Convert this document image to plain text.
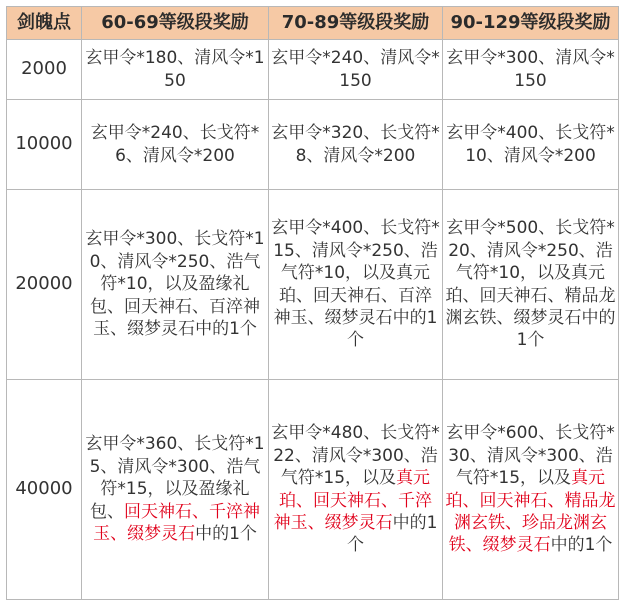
剑魄点	60-69等级段奖励	70-89等级段奖励	90-129等级段奖励
2000	玄甲令*180、清风令*150	玄甲令*240、清风令*150	玄甲令*300、清风令*150
10000	玄甲令*240、长戈符*6、清风令*200	玄甲令*320、长戈符*8、清风令*200	玄甲令*400、长戈符*10、清风令*200
20000	玄甲令*300、长戈符*10、清风令*250、浩气符*10，以及盈缘礼包、回天神石、百淬神玉、缀梦灵石中的1个	玄甲令*400、长戈符*15、清风令*250、浩气符*10，以及真元珀、回天神石、百淬神玉、缀梦灵石中的1个	玄甲令*500、长戈符*20、清风令*250、浩气符*10，以及真元珀、回天神石、精品龙渊玄铁、缀梦灵石中的1个
40000	玄甲令*360、长戈符*15、清风令*300、浩气符*15，以及盈缘礼包、回天神石、千淬神玉、缀梦灵石中的1个	玄甲令*480、长戈符*22、清风令*300、浩气符*15，以及真元珀、回天神石、千淬神玉、缀梦灵石中的1个	玄甲令*600、长戈符*30、清风令*300、浩气符*15，以及真元珀、回天神石、精品龙渊玄铁、珍品龙渊玄铁、缀梦灵石中的1个
